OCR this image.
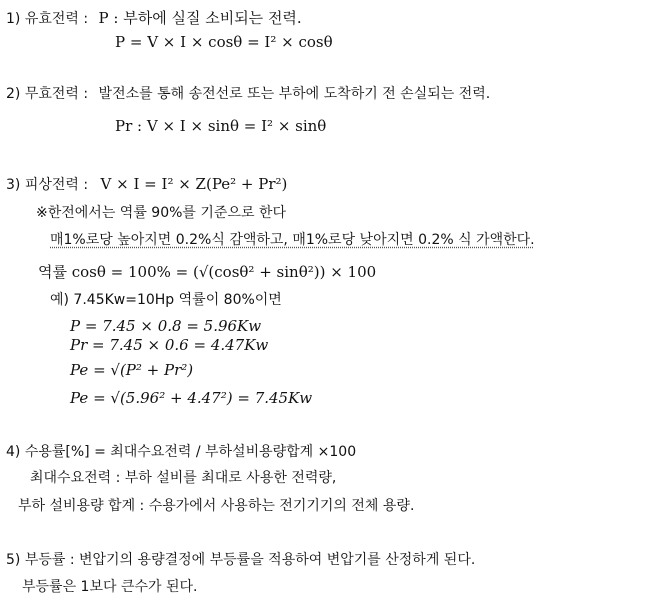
1) 유효전력 : P : 부하에 실질 소비되는 전력.
P = V × I × cosθ = I² × cosθ
2) 무효전력 : 발전소를 통해 송전선로 또는 부하에 도착하기 전 손실되는 전력.
Pr : V × I × sinθ = I² × sinθ
3) 피상전력 : V × I = I² × Z(Pe² + Pr²)
※한전에서는 역률 90%를 기준으로 한다
매1%로당 높아지면 0.2%식 감액하고, 매1%로당 낮아지면 0.2% 식 가액한다.
역률 cosθ = 100% = (√(cosθ² + sinθ²)) × 100
예) 7.45Kw=10Hp 역률이 80%이면
P = 7.45 × 0.8 = 5.96Kw
Pr = 7.45 × 0.6 = 4.47Kw
Pe = √(P² + Pr²)
Pe = √(5.96² + 4.47²) = 7.45Kw
4) 수용률[%] = 최대수요전력 / 부하설비용량합계 ×100
최대수요전력 : 부하 설비를 최대로 사용한 전력량,
부하 설비용량 합계 : 수용가에서 사용하는 전기기기의 전체 용량.
5) 부등률 : 변압기의 용량결정에 부등률을 적용하여 변압기를 산정하게 된다.
부등률은 1보다 큰수가 된다.
